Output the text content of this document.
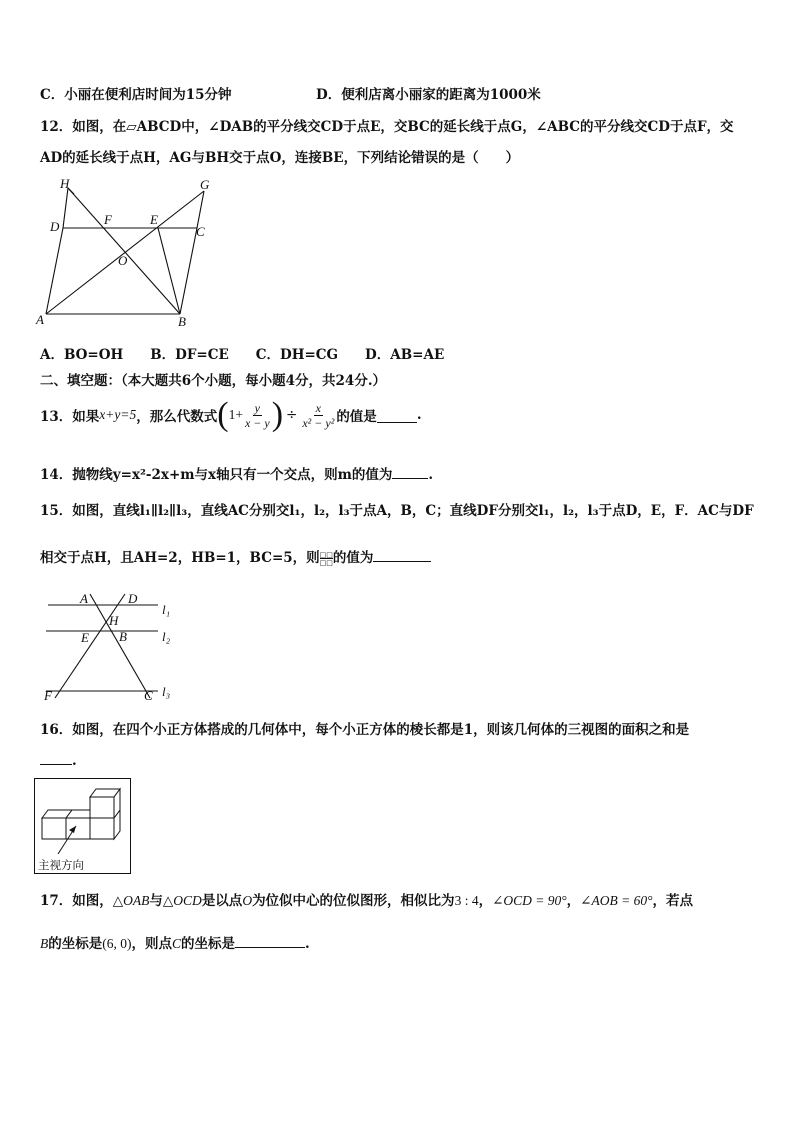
C．小丽在便利店时间为15分钟	D．便利店离小丽家的距离为1000米
12．如图，在▱ABCD中，∠DAB的平分线交CD于点E，交BC的延长线于点G，∠ABC的平分线交CD于点F，交
AD的延长线于点H，AG与BH交于点O，连接BE，下列结论错误的是（　　）
H	G
D	F	E
C
O
A	B
A．BO=OH　　B．DF=CE　　C．DH=CG　　D．AB=AE
二、填空题：（本大题共6个小题，每小题4分，共24分.）
13．如果 x+y=5 ，那么代数式 ( $1+ \frac{y}{x - y}$ ) ÷ $\frac{x}{\text{x² − y²}}$ 的值是	.
14．抛物线y=x²-2x+m与x轴只有一个交点，则m的值为	.
15．如图，直线l₁∥l₂∥l₃，直线AC分别交l₁，l₂，l₃于点A，B，C；直线DF分别交l₁，l₂，l₃于点D，E，F．AC与DF
相交于点H，且AH=2，HB=1，BC=5，则 □□
□□ 的值为
A	D
l₁
H
E B	l₂
F	C l₃
16．如图，在四个小正方体搭成的几何体中，每个小正方体的棱长都是1，则该几何体的三视图的面积之和是
.
主视方向
17．如图，△OAB与△OCD是以点O为位似中心的位似图形，相似比为3 : 4，∠OCD = 90°，∠AOB = 60°，若点
B的坐标是(6, 0)，则点C的坐标是	.
